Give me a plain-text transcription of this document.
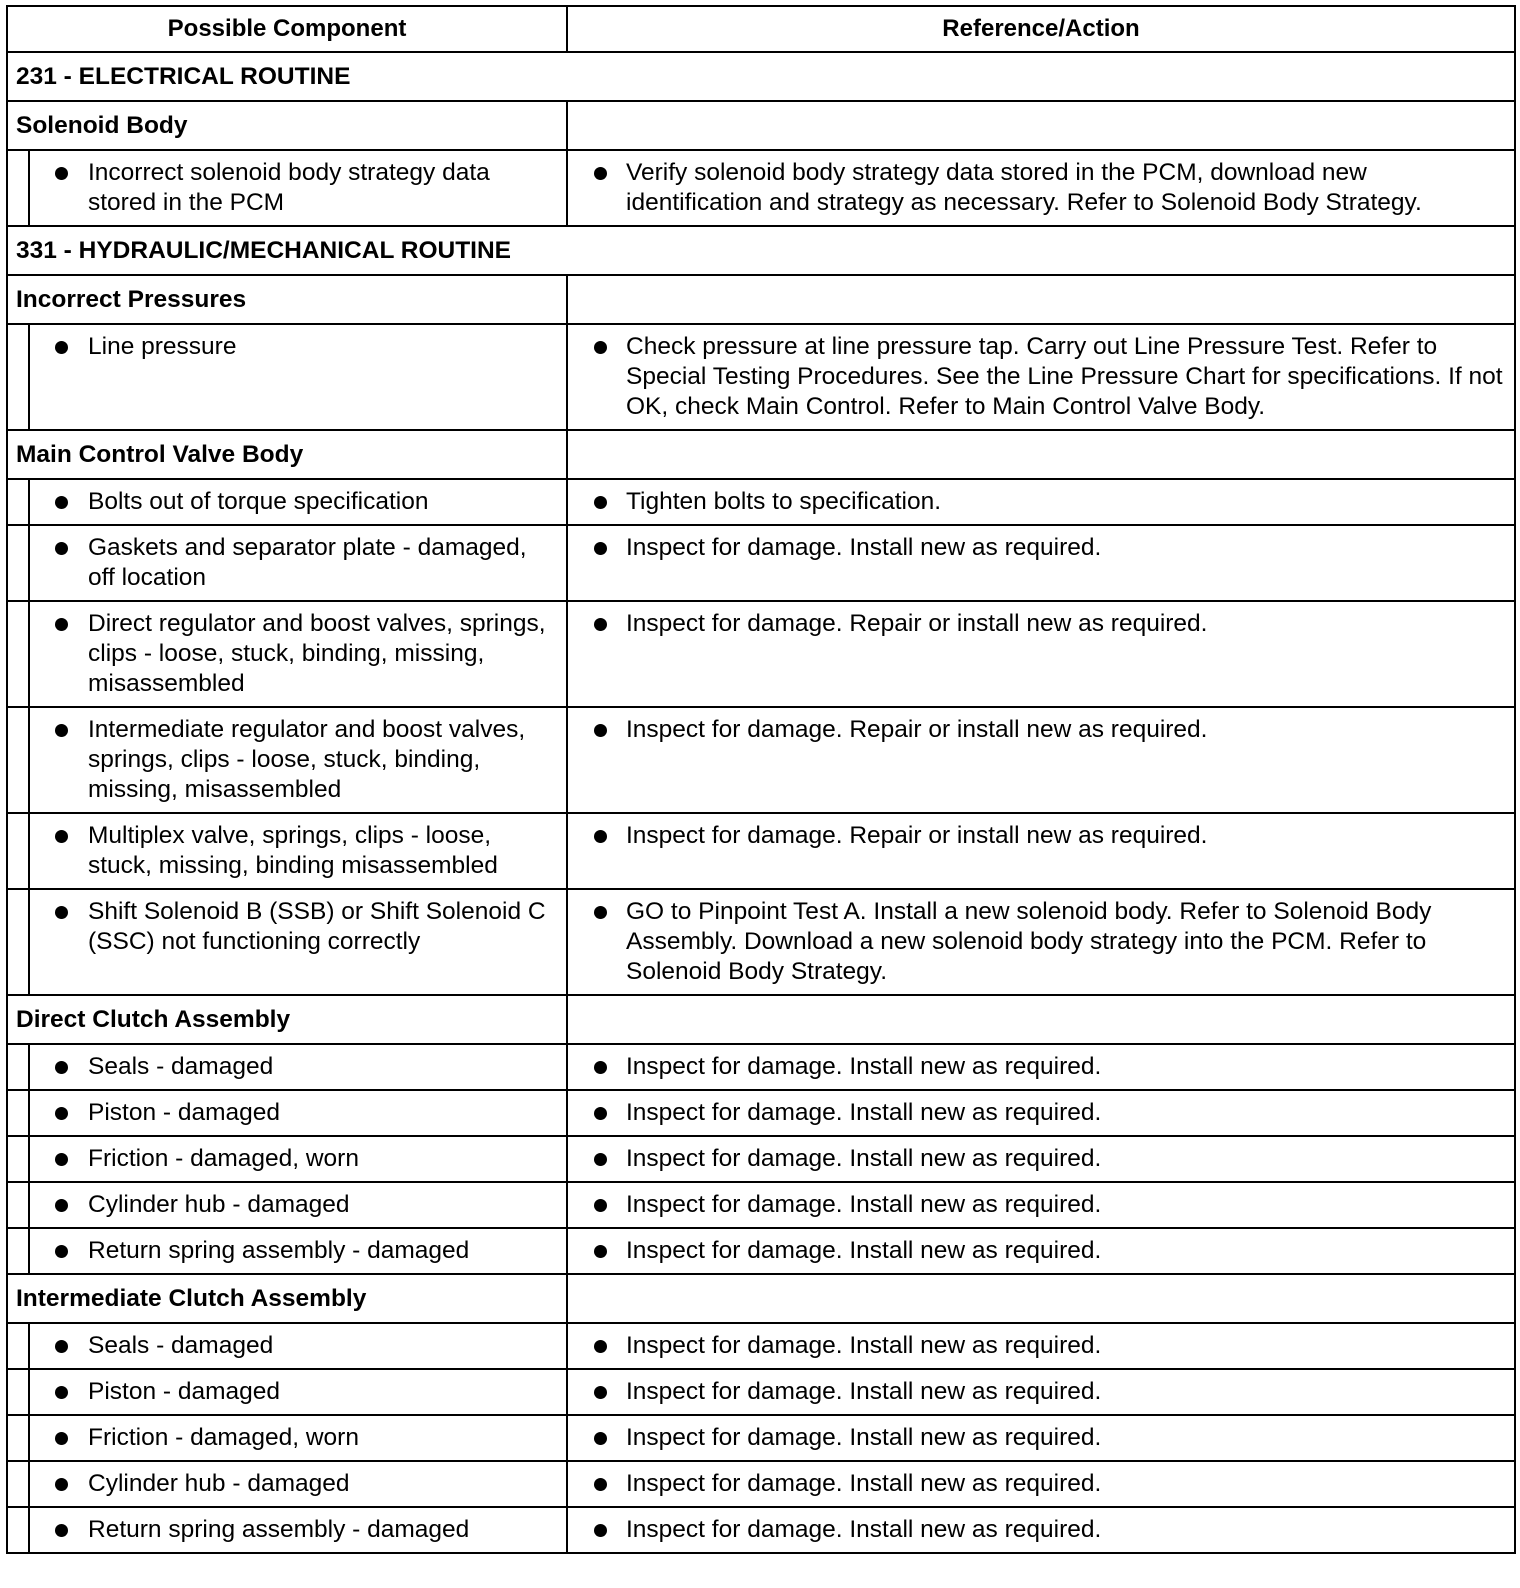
Possible Component		Reference/Action
231 - ELECTRICAL ROUTINE		
Solenoid Body		

Incorrect solenoid body strategy data stored in the PCM	Verify solenoid body strategy data stored in the PCM, download new identification and strategy as necessary. Refer to Solenoid Body Strategy.

331 - HYDRAULIC/MECHANICAL ROUTINE		
Incorrect Pressures		

Line pressure	Check pressure at line pressure tap. Carry out Line Pressure Test. Refer to Special Testing Procedures. See the Line Pressure Chart for specifications. If not OK, check Main Control. Refer to Main Control Valve Body.

Main Control Valve Body		

Bolts out of torque specification	Tighten bolts to specification.

Gaskets and separator plate - damaged, off location	Inspect for damage. Install new as required.

Direct regulator and boost valves, springs, clips - loose, stuck, binding, missing, misassembled	Inspect for damage. Repair or install new as required.

Intermediate regulator and boost valves, springs, clips - loose, stuck, binding, missing, misassembled	Inspect for damage. Repair or install new as required.

Multiplex valve, springs, clips - loose, stuck, missing, binding misassembled	Inspect for damage. Repair or install new as required.

Shift Solenoid B (SSB) or Shift Solenoid C (SSC) not functioning correctly	GO to Pinpoint Test A. Install a new solenoid body. Refer to Solenoid Body Assembly. Download a new solenoid body strategy into the PCM. Refer to Solenoid Body Strategy.

Direct Clutch Assembly		

Seals - damaged	Inspect for damage. Install new as required.

Piston - damaged	Inspect for damage. Install new as required.

Friction - damaged, worn	Inspect for damage. Install new as required.

Cylinder hub - damaged	Inspect for damage. Install new as required.

Return spring assembly - damaged	Inspect for damage. Install new as required.

Intermediate Clutch Assembly		

Seals - damaged	Inspect for damage. Install new as required.

Piston - damaged	Inspect for damage. Install new as required.

Friction - damaged, worn	Inspect for damage. Install new as required.

Cylinder hub - damaged	Inspect for damage. Install new as required.

Return spring assembly - damaged	Inspect for damage. Install new as required.
